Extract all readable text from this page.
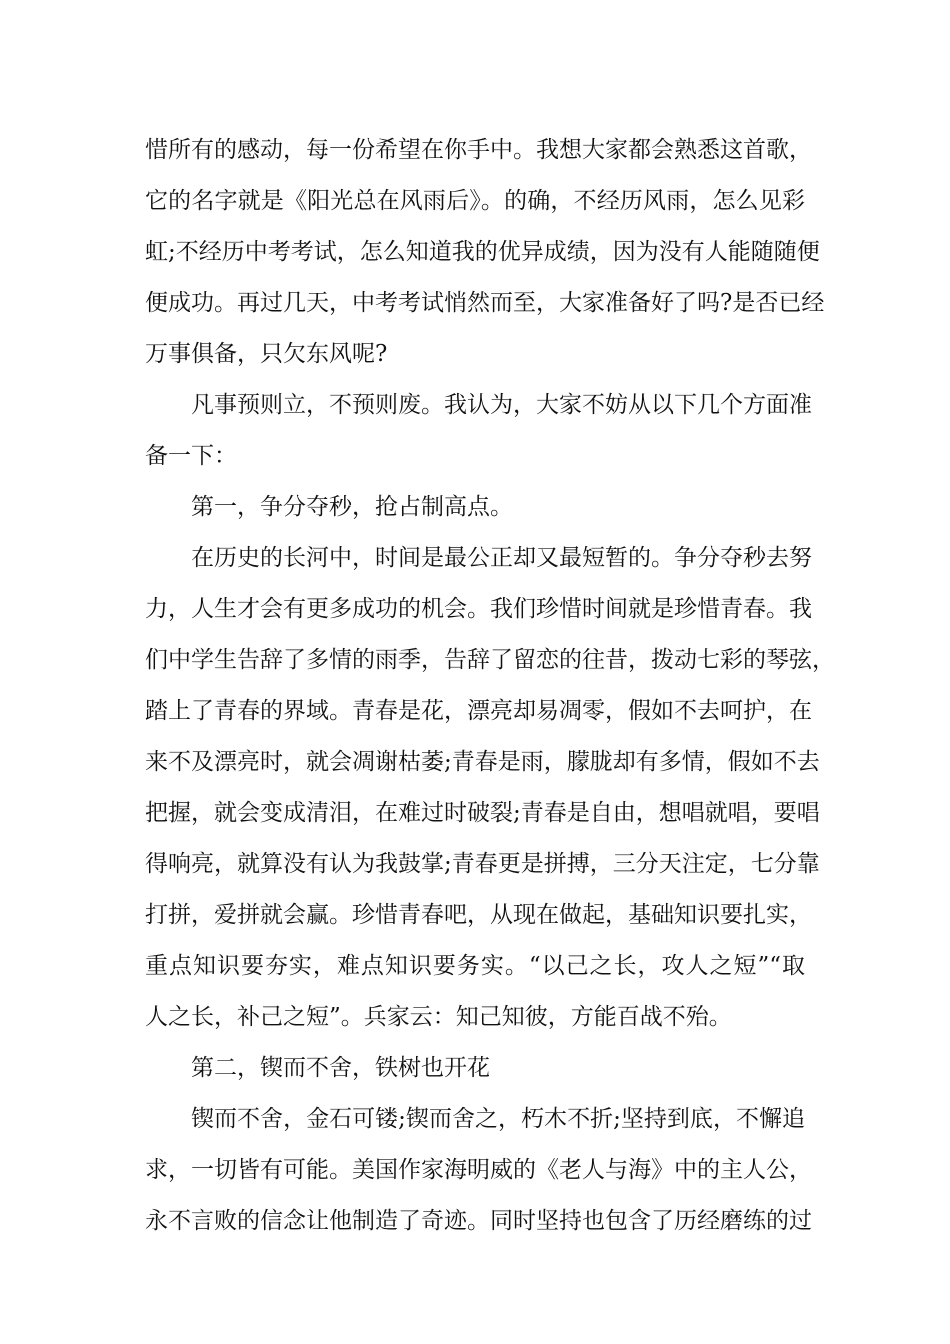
惜所有的感动，每一份希望在你手中。我想大家都会熟悉这首歌，

它的名字就是《阳光总在风雨后》。的确，不经历风雨，怎么见彩

虹;不经历中考考试，怎么知道我的优异成绩，因为没有人能随随便

便成功。再过几天，中考考试悄然而至，大家准备好了吗?是否已经

万事俱备，只欠东风呢?

凡事预则立，不预则废。我认为，大家不妨从以下几个方面准

备一下：

第一，争分夺秒，抢占制高点。

在历史的长河中，时间是最公正却又最短暂的。争分夺秒去努

力，人生才会有更多成功的机会。我们珍惜时间就是珍惜青春。我

们中学生告辞了多情的雨季，告辞了留恋的往昔，拨动七彩的琴弦，

踏上了青春的界域。青春是花，漂亮却易凋零，假如不去呵护，在

来不及漂亮时，就会凋谢枯萎;青春是雨，朦胧却有多情，假如不去

把握，就会变成清泪，在难过时破裂;青春是自由，想唱就唱，要唱

得响亮，就算没有认为我鼓掌;青春更是拼搏，三分天注定，七分靠

打拼，爱拼就会赢。珍惜青春吧，从现在做起，基础知识要扎实，

重点知识要夯实，难点知识要务实。“以己之长，攻人之短”“取

人之长，补己之短”。兵家云：知己知彼，方能百战不殆。

第二，锲而不舍，铁树也开花

锲而不舍，金石可镂;锲而舍之，朽木不折;坚持到底，不懈追

求，一切皆有可能。美国作家海明威的《老人与海》中的主人公，

永不言败的信念让他制造了奇迹。同时坚持也包含了历经磨练的过
